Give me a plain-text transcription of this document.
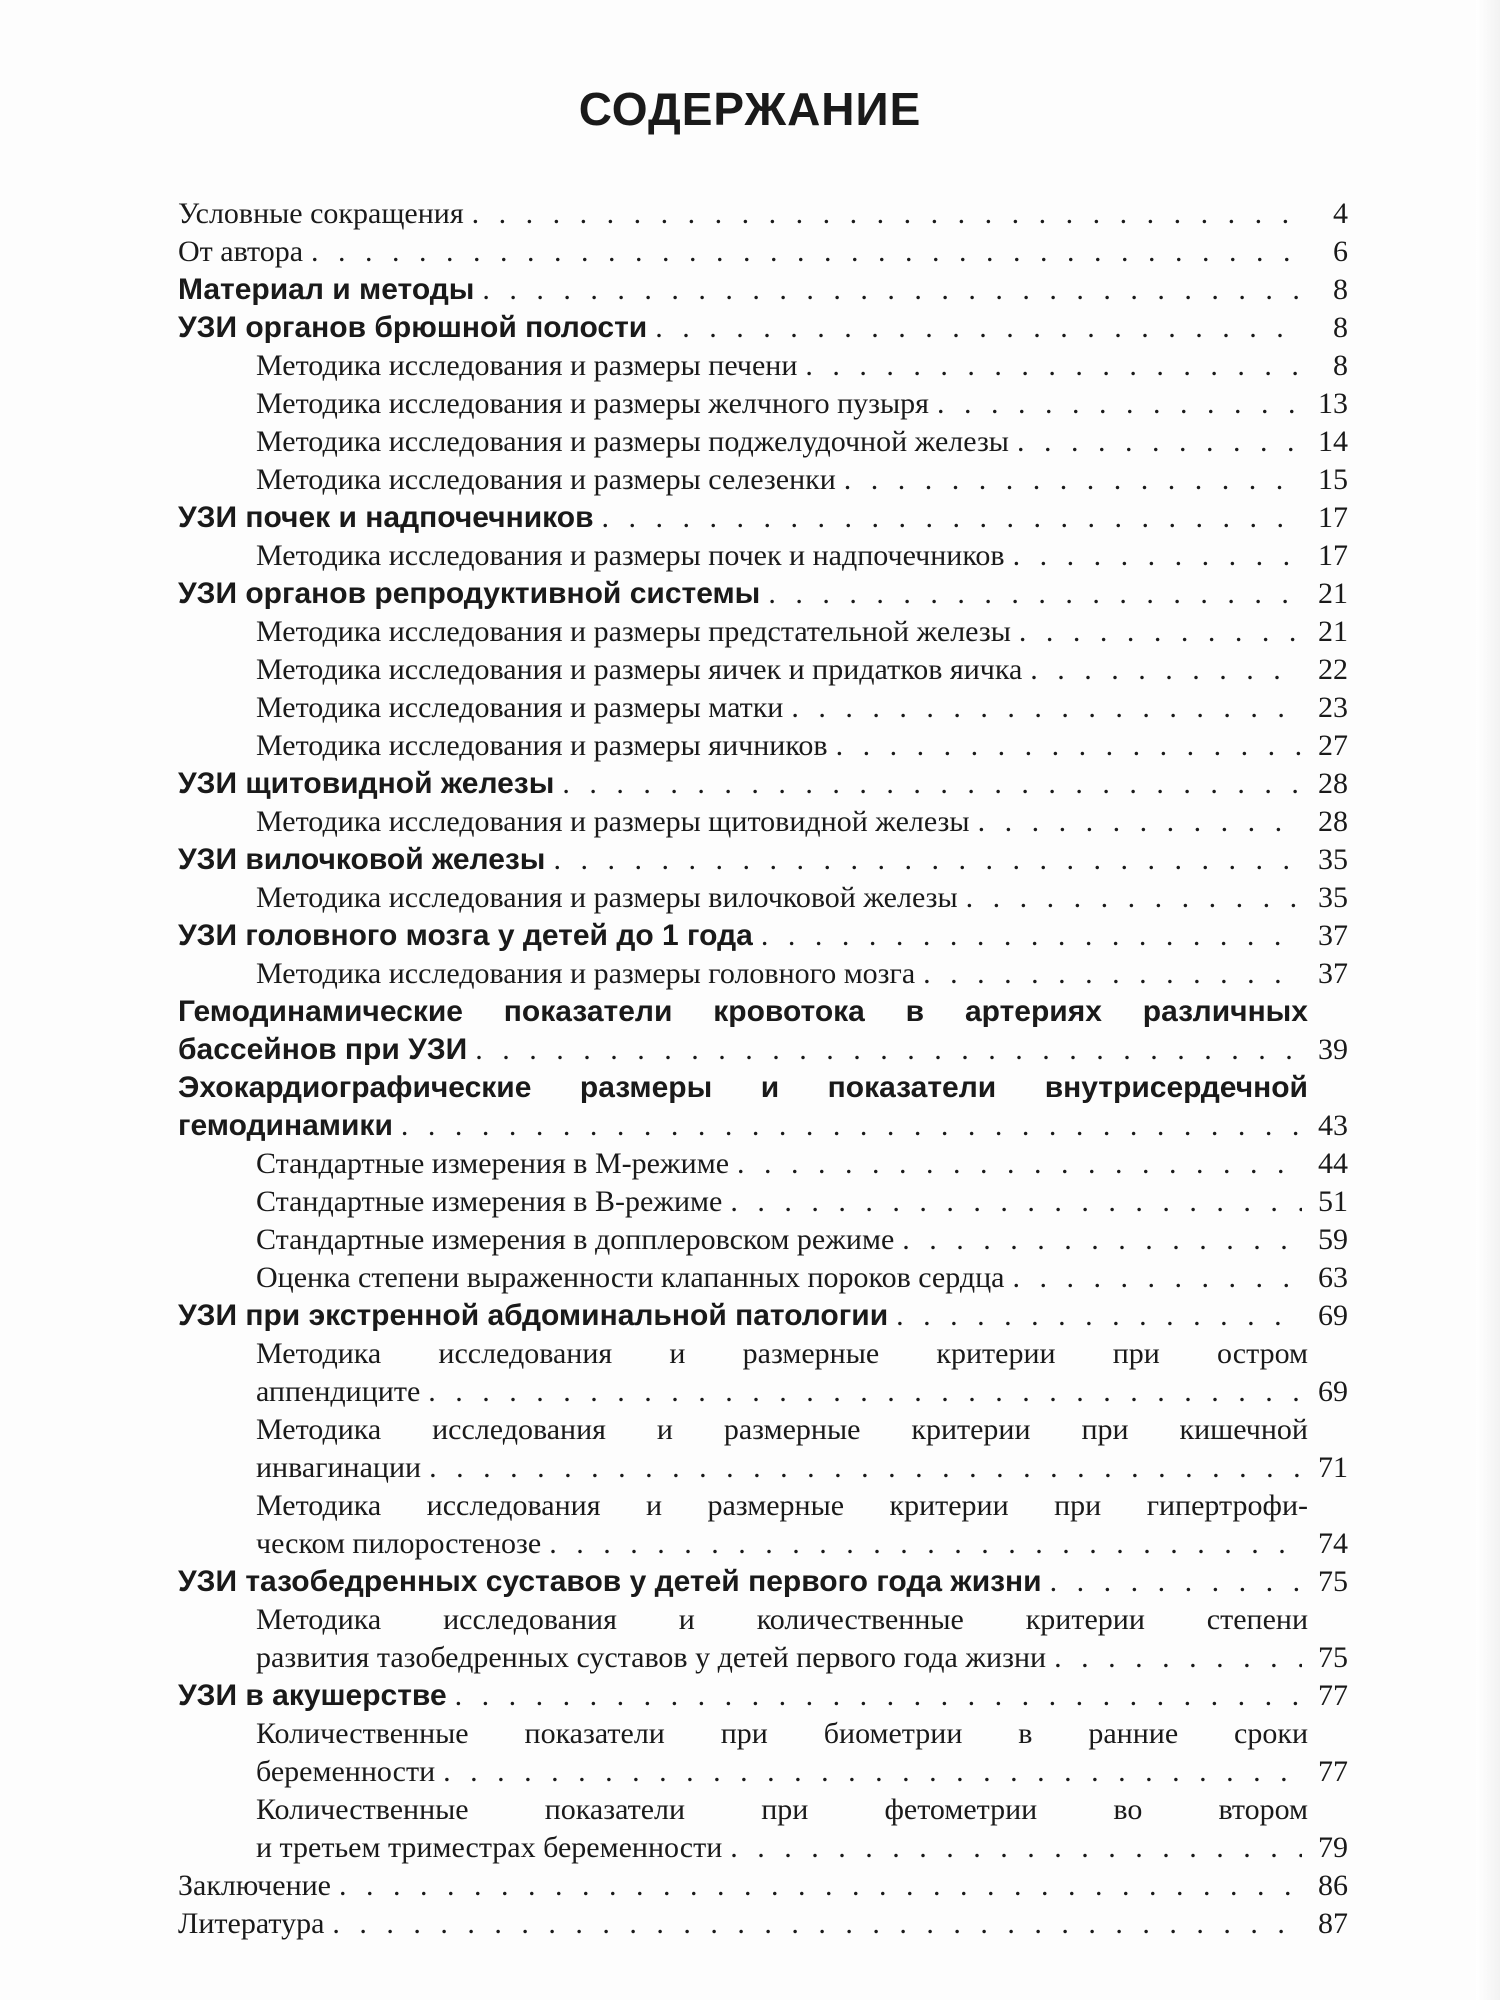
СОДЕРЖАНИЕ
Условные сокращения . . .	4
От автора . . .	6
Материал и методы . . .	8
УЗИ органов брюшной полости . . .	8
Методика исследования и размеры печени . . .	8
Методика исследования и размеры желчного пузыря . . .	13
Методика исследования и размеры поджелудочной железы . . .	14
Методика исследования и размеры селезенки . . .	15
УЗИ почек и надпочечников . . .	17
Методика исследования и размеры почек и надпочечников . . .	17
УЗИ органов репродуктивной системы . . .	21
Методика исследования и размеры предстательной железы . . .	21
Методика исследования и размеры яичек и придатков яичка . . .	22
Методика исследования и размеры матки . . .	23
Методика исследования и размеры яичников . . .	27
УЗИ щитовидной железы . . .	28
Методика исследования и размеры щитовидной железы . . .	28
УЗИ вилочковой железы . . .	35
Методика исследования и размеры вилочковой железы . . .	35
УЗИ головного мозга у детей до 1 года . . .	37
Методика исследования и размеры головного мозга . . .	37
Гемодинамические показатели кровотока в артериях различных
бассейнов при УЗИ . . .	39
Эхокардиографические размеры и показатели внутрисердечной
гемодинамики . . .	43
Стандартные измерения в М-режиме . . .	44
Стандартные измерения в В-режиме . . .	51
Стандартные измерения в допплеровском режиме . . .	59
Оценка степени выраженности клапанных пороков сердца . . .	63
УЗИ при экстренной абдоминальной патологии . . .	69
Методика исследования и размерные критерии при остром
аппендиците . . .	69
Методика исследования и размерные критерии при кишечной
инвагинации . . .	71
Методика исследования и размерные критерии при гипертрофи-
ческом пилоростенозе . . .	74
УЗИ тазобедренных суставов у детей первого года жизни . . .	75
Методика исследования и количественные критерии степени
развития тазобедренных суставов у детей первого года жизни . . .	75
УЗИ в акушерстве . . .	77
Количественные показатели при биометрии в ранние сроки
беременности . . .	77
Количественные показатели при фетометрии во втором
и третьем триместрах беременности . . .	79
Заключение . . .	86
Литература . . .	87
